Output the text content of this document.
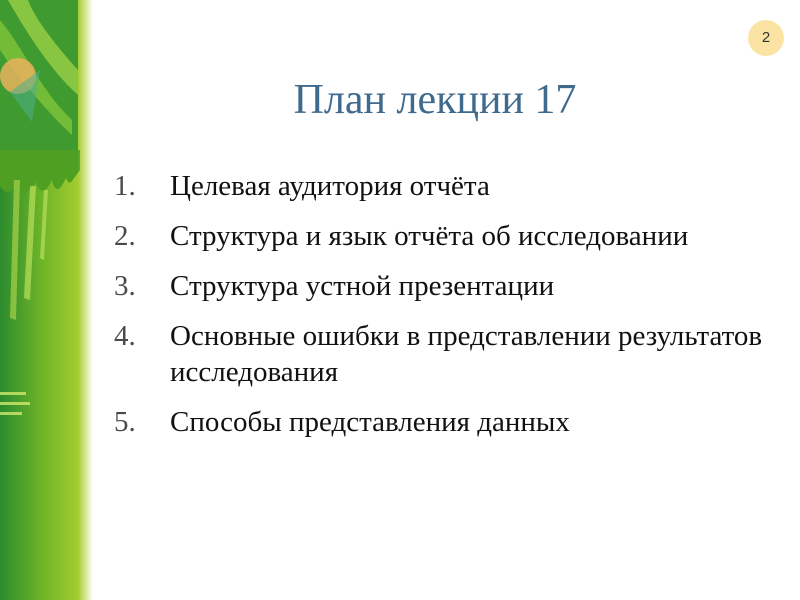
2
План лекции 17
1.	Целевая аудитория отчёта
2.	Структура и язык отчёта об исследовании
3.	Структура устной презентации
4.	Основные ошибки в представлении результатов исследования
5.	Способы представления данных
